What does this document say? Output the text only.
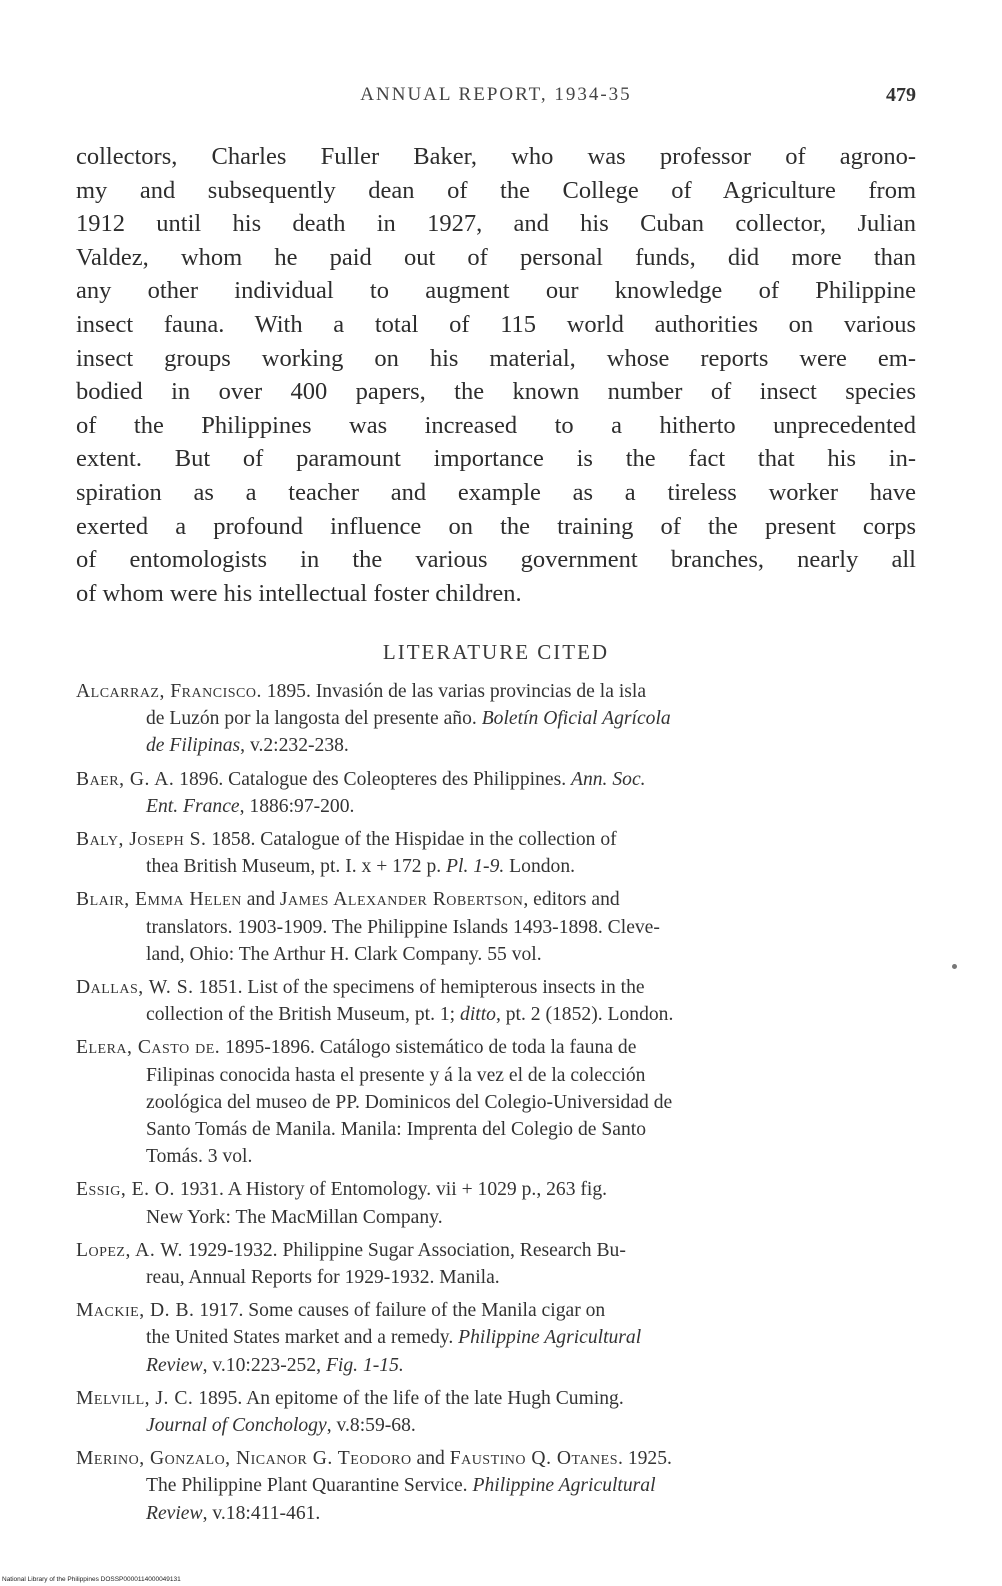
ANNUAL REPORT, 1934-35	479

collectors, Charles Fuller Baker, who was professor of agrono-
my and subsequently dean of the College of Agriculture from
1912 until his death in 1927, and his Cuban collector, Julian
Valdez, whom he paid out of personal funds, did more than
any other individual to augment our knowledge of Philippine
insect fauna. With a total of 115 world authorities on various
insect groups working on his material, whose reports were em-
bodied in over 400 papers, the known number of insect species
of the Philippines was increased to a hitherto unprecedented
extent. But of paramount importance is the fact that his in-
spiration as a teacher and example as a tireless worker have
exerted a profound influence on the training of the present corps
of entomologists in the various government branches, nearly all
of whom were his intellectual foster children.

LITERATURE CITED
Alcarraz, Francisco. 1895. Invasión de las varias provincias de la isla
de Luzón por la langosta del presente año. Boletín Oficial Agrícola
de Filipinas, v.2:232-238.
Baer, G. A. 1896. Catalogue des Coleopteres des Philippines. Ann. Soc.
Ent. France, 1886:97-200.
Baly, Joseph S. 1858. Catalogue of the Hispidae in the collection of
thea British Museum, pt. I. x + 172 p. Pl. 1-9. London.
Blair, Emma Helen and James Alexander Robertson, editors and
translators. 1903-1909. The Philippine Islands 1493-1898. Cleve-
land, Ohio: The Arthur H. Clark Company. 55 vol.
Dallas, W. S. 1851. List of the specimens of hemipterous insects in the
collection of the British Museum, pt. 1; ditto, pt. 2 (1852). London.
Elera, Casto de. 1895-1896. Catálogo sistemático de toda la fauna de
Filipinas conocida hasta el presente y á la vez el de la colección
zoológica del museo de PP. Dominicos del Colegio-Universidad de
Santo Tomás de Manila. Manila: Imprenta del Colegio de Santo
Tomás. 3 vol.
Essig, E. O. 1931. A History of Entomology. vii + 1029 p., 263 fig.
New York: The MacMillan Company.
Lopez, A. W. 1929-1932. Philippine Sugar Association, Research Bu-
reau, Annual Reports for 1929-1932. Manila.
Mackie, D. B. 1917. Some causes of failure of the Manila cigar on
the United States market and a remedy. Philippine Agricultural
Review, v.10:223-252, Fig. 1-15.
Melvill, J. C. 1895. An epitome of the life of the late Hugh Cuming.
Journal of Conchology, v.8:59-68.
Merino, Gonzalo, Nicanor G. Teodoro and Faustino Q. Otanes. 1925.
The Philippine Plant Quarantine Service. Philippine Agricultural
Review, v.18:411-461.
National Library of the Philippines DOSSP0000114000049131
